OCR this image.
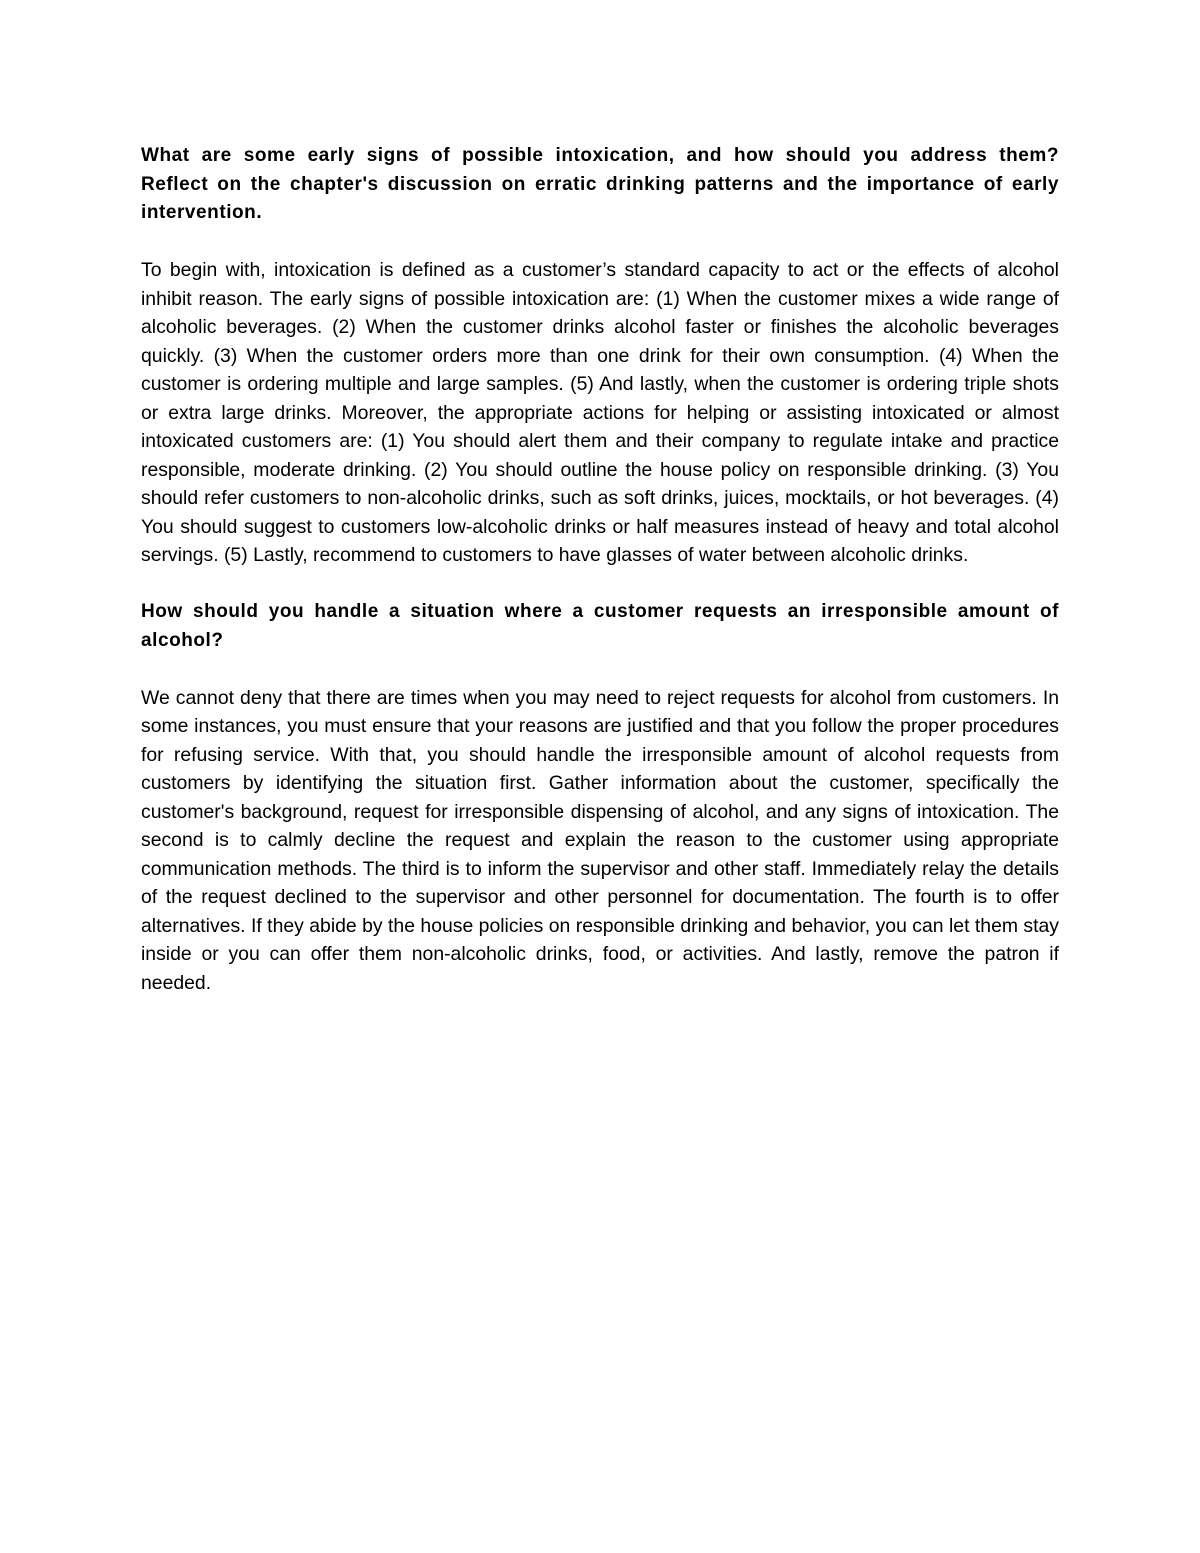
What are some early signs of possible intoxication, and how should you address them? Reflect on the chapter's discussion on erratic drinking patterns and the importance of early intervention.

To begin with, intoxication is defined as a customer’s standard capacity to act or the effects of alcohol inhibit reason. The early signs of possible intoxication are: (1) When the customer mixes a wide range of alcoholic beverages. (2) When the customer drinks alcohol faster or finishes the alcoholic beverages quickly. (3) When the customer orders more than one drink for their own consumption. (4) When the customer is ordering multiple and large samples. (5) And lastly, when the customer is ordering triple shots or extra large drinks. Moreover, the appropriate actions for helping or assisting intoxicated or almost intoxicated customers are: (1) You should alert them and their company to regulate intake and practice responsible, moderate drinking. (2) You should outline the house policy on responsible drinking. (3) You should refer customers to non-alcoholic drinks, such as soft drinks, juices, mocktails, or hot beverages. (4) You should suggest to customers low-alcoholic drinks or half measures instead of heavy and total alcohol servings. (5) Lastly, recommend to customers to have glasses of water between alcoholic drinks.

How should you handle a situation where a customer requests an irresponsible amount of alcohol?

We cannot deny that there are times when you may need to reject requests for alcohol from customers. In some instances, you must ensure that your reasons are justified and that you follow the proper procedures for refusing service. With that, you should handle the irresponsible amount of alcohol requests from customers by identifying the situation first. Gather information about the customer, specifically the customer's background, request for irresponsible dispensing of alcohol, and any signs of intoxication. The second is to calmly decline the request and explain the reason to the customer using appropriate communication methods. The third is to inform the supervisor and other staff. Immediately relay the details of the request declined to the supervisor and other personnel for documentation. The fourth is to offer alternatives. If they abide by the house policies on responsible drinking and behavior, you can let them stay inside or you can offer them non-alcoholic drinks, food, or activities. And lastly, remove the patron if needed.
